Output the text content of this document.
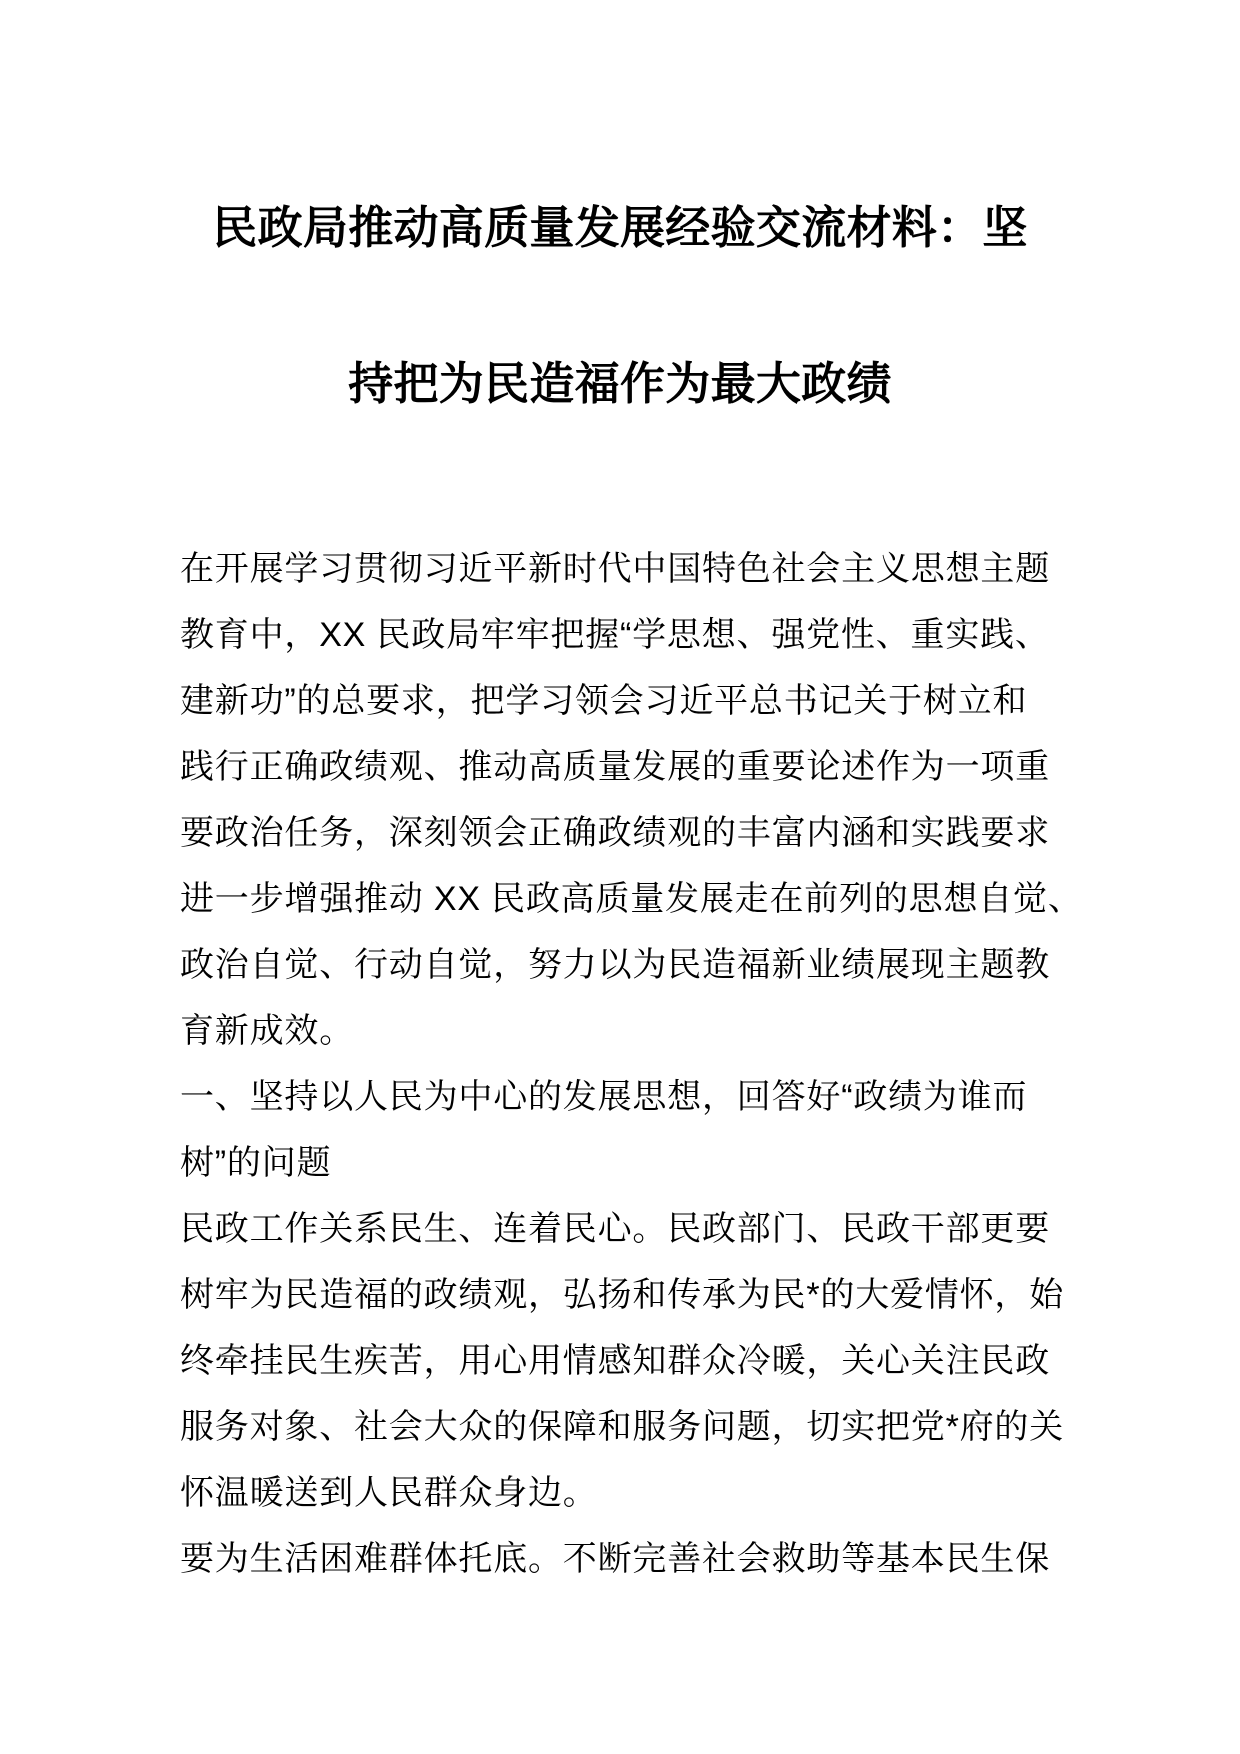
民政局推动高质量发展经验交流材料：坚
持把为民造福作为最大政绩
在开展学习贯彻习近平新时代中国特色社会主义思想主题
教育中，XX 民政局牢牢把握“学思想、强党性、重实践、
建新功”的总要求，把学习领会习近平总书记关于树立和
践行正确政绩观、推动高质量发展的重要论述作为一项重
要政治任务，深刻领会正确政绩观的丰富内涵和实践要求
进一步增强推动 XX 民政高质量发展走在前列的思想自觉、
政治自觉、行动自觉，努力以为民造福新业绩展现主题教
育新成效。
一、坚持以人民为中心的发展思想，回答好“政绩为谁而
树”的问题
民政工作关系民生、连着民心。民政部门、民政干部更要
树牢为民造福的政绩观，弘扬和传承为民*的大爱情怀，始
终牵挂民生疾苦，用心用情感知群众冷暖，关心关注民政
服务对象、社会大众的保障和服务问题，切实把党*府的关
怀温暖送到人民群众身边。
要为生活困难群体托底。不断完善社会救助等基本民生保
